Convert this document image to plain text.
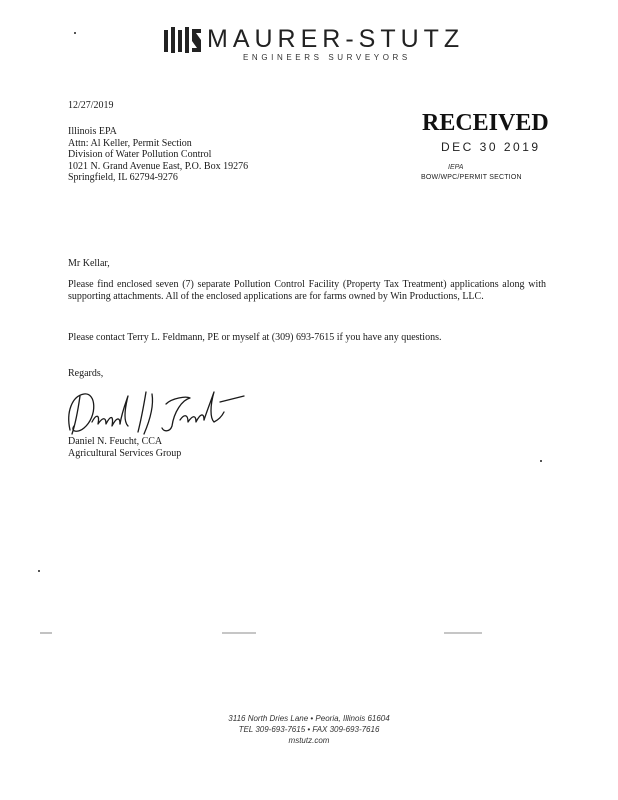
MAURER-STUTZ
ENGINEERS SURVEYORS
12/27/2019
Illinois EPA
Attn: Al Keller, Permit Section
Division of Water Pollution Control
1021 N. Grand Avenue East, P.O. Box 19276
Springfield, IL 62794-9276
RECEIVED
DEC 30 2019
IEPA
BOW/WPC/PERMIT SECTION
Mr Kellar,
Please find enclosed seven (7) separate Pollution Control Facility (Property Tax Treatment) applications along with supporting attachments. All of the enclosed applications are for farms owned by Win Productions, LLC.
Please contact Terry L. Feldmann, PE or myself at (309) 693-7615 if you have any questions.
Regards,
Daniel N. Feucht, CCA
Agricultural Services Group
3116 North Dries Lane • Peoria, Illinois 61604
TEL 309-693-7615 • FAX 309-693-7616
mstutz.com
